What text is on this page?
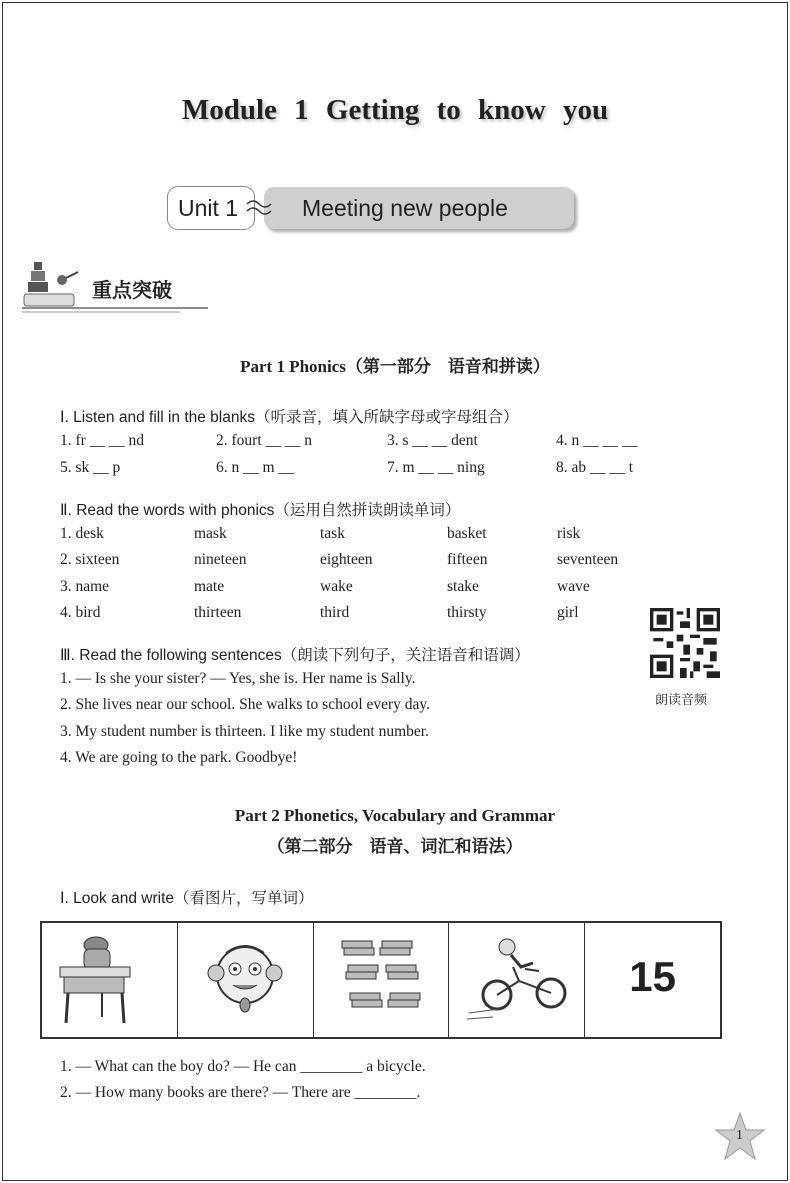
Module 1 Getting to know you
Meeting new people
Unit 1
重点突破
Part 1 Phonics（第一部分　语音和拼读）
Ⅰ. Listen and fill in the blanks（听录音，填入所缺字母或字母组合）
1. fr __ __ nd	2. fourt __ __ n	3. s __ __ dent	4. n __ __ __
5. sk __ p	6. n __ m __	7. m __ __ ning	8. ab __ __ t
Ⅱ. Read the words with phonics（运用自然拼读朗读单词）
1. desk	mask	task	basket	risk
2. sixteen	nineteen	eighteen	fifteen	seventeen
3. name	mate	wake	stake	wave
4. bird	thirteen	third	thirsty	girl
Ⅲ. Read the following sentences（朗读下列句子，关注语音和语调）
1. — Is she your sister? — Yes, she is. Her name is Sally.
2. She lives near our school. She walks to school every day.
3. My student number is thirteen. I like my student number.
4. We are going to the park. Goodbye!
朗读音频
Part 2 Phonetics, Vocabulary and Grammar
（第二部分　语音、词汇和语法）
Ⅰ. Look and write（看图片，写单词）
15
1. — What can the boy do? — He can ________ a bicycle.
2. — How many books are there? — There are ________.
1
